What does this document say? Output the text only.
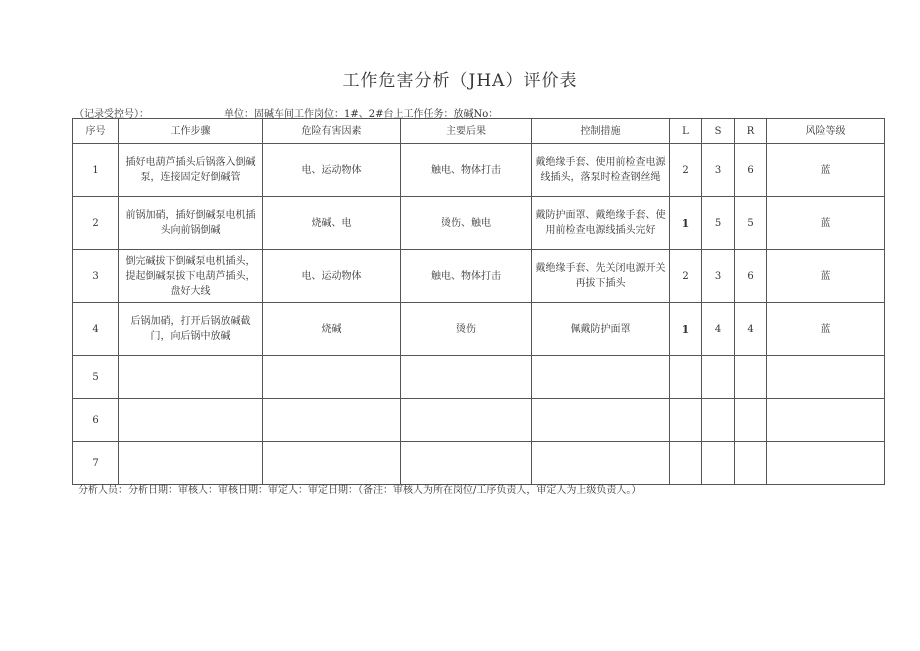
工作危害分析（JHA）评价表
（记录受控号）：	单位：固碱车间工作岗位：1#、2#台上工作任务：放碱No：
序号	工作步骤	危险有害因素	主要后果	控制措施	L	S	R	风险等级
1	插好电葫芦插头后锅落入倒碱泵，连接固定好倒碱管	电、运动物体	触电、物体打击	戴绝缘手套、使用前检查电源线插头，落泵时检查钢丝绳	2	3	6	蓝
2	前锅加硝，插好倒碱泵电机插头向前锅倒碱	烧碱、电	烫伤、触电	戴防护面罩、戴绝缘手套、使用前检查电源线插头完好	1	5	5	蓝
3	倒完碱拔下倒碱泵电机插头，提起倒碱泵拔下电葫芦插头，盘好大线	电、运动物体	触电、物体打击	戴绝缘手套、先关闭电源开关再拔下插头	2	3	6	蓝
4	后锅加硝，打开后锅放碱截门，向后锅中放碱	烧碱	烫伤	佩戴防护面罩	1	4	4	蓝
5								
6								
7								
分析人员：分析日期：审核人：审核日期：审定人：审定日期：（备注：审核人为所在岗位/工序负责人，审定人为上级负责人。）
